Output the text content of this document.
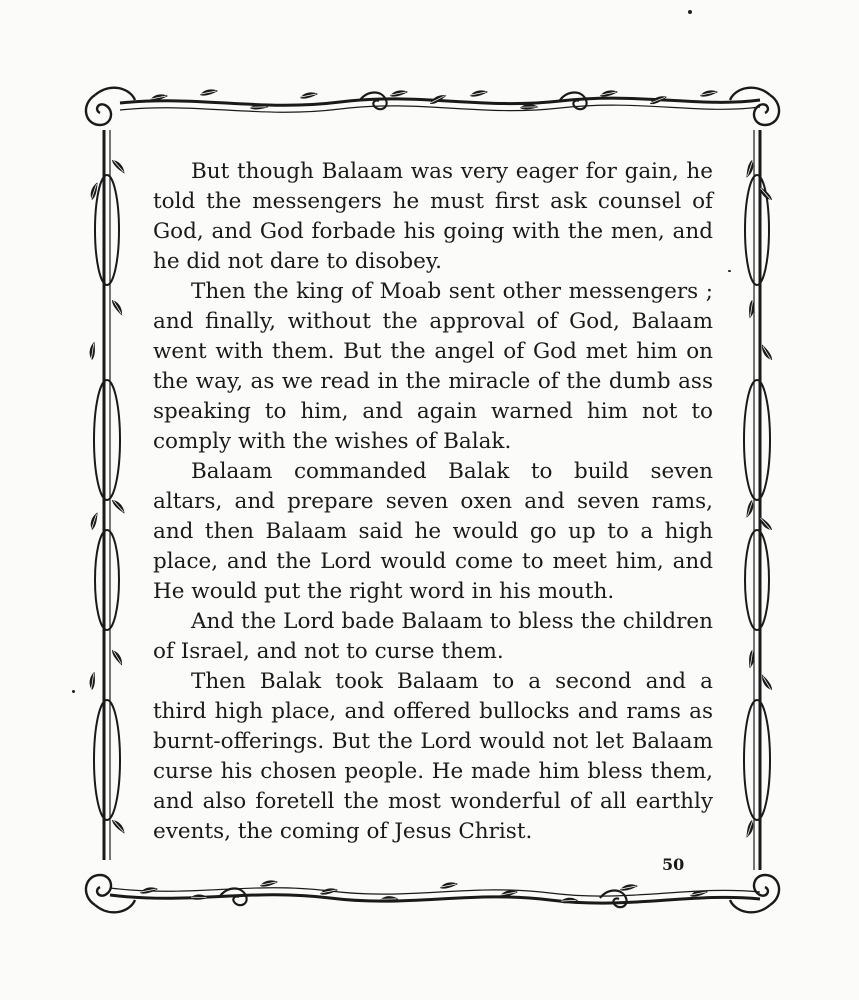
But though Balaam was very eager for gain, he told the messengers he must first ask counsel of God, and God forbade his going with the men, and he did not dare to disobey.

Then the king of Moab sent other messengers ; and finally, without the approval of God, Balaam went with them. But the angel of God met him on the way, as we read in the miracle of the dumb ass speaking to him, and again warned him not to comply with the wishes of Balak.

Balaam commanded Balak to build seven altars, and prepare seven oxen and seven rams, and then Balaam said he would go up to a high place, and the Lord would come to meet him, and He would put the right word in his mouth.

And the Lord bade Balaam to bless the children of Israel, and not to curse them.

Then Balak took Balaam to a second and a third high place, and offered bullocks and rams as burnt-offerings. But the Lord would not let Balaam curse his chosen people. He made him bless them, and also foretell the most wonderful of all earthly events, the coming of Jesus Christ.

50
